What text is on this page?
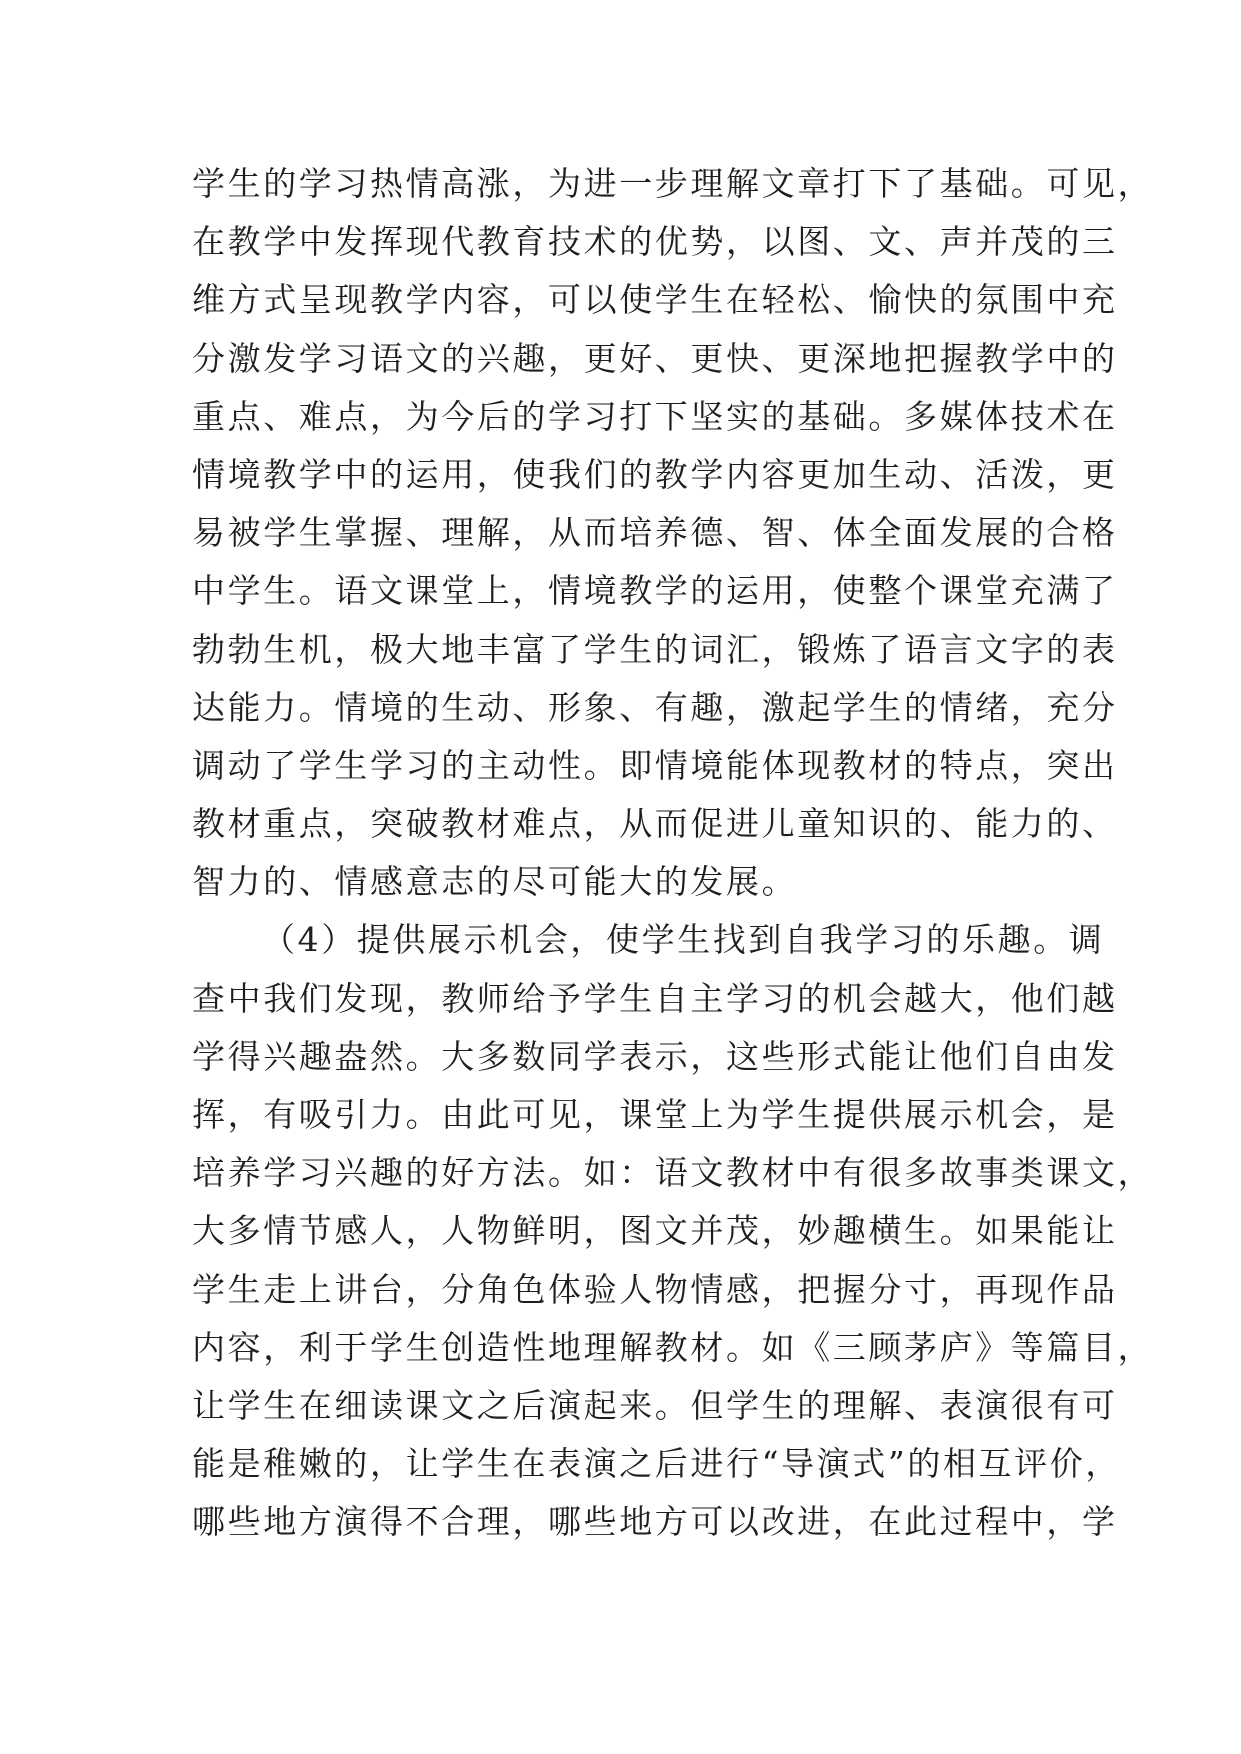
学生的学习热情高涨，为进一步理解文章打下了基础。可见，
在教学中发挥现代教育技术的优势，以图、文、声并茂的三
维方式呈现教学内容，可以使学生在轻松、愉快的氛围中充
分激发学习语文的兴趣，更好、更快、更深地把握教学中的
重点、难点，为今后的学习打下坚实的基础。多媒体技术在
情境教学中的运用，使我们的教学内容更加生动、活泼，更
易被学生掌握、理解，从而培养德、智、体全面发展的合格
中学生。语文课堂上，情境教学的运用，使整个课堂充满了
勃勃生机，极大地丰富了学生的词汇，锻炼了语言文字的表
达能力。情境的生动、形象、有趣，激起学生的情绪，充分
调动了学生学习的主动性。即情境能体现教材的特点，突出
教材重点，突破教材难点，从而促进儿童知识的、能力的、
智力的、情感意志的尽可能大的发展。
（4）提供展示机会，使学生找到自我学习的乐趣。调
查中我们发现，教师给予学生自主学习的机会越大，他们越
学得兴趣盎然。大多数同学表示，这些形式能让他们自由发
挥，有吸引力。由此可见，课堂上为学生提供展示机会，是
培养学习兴趣的好方法。如：语文教材中有很多故事类课文，
大多情节感人，人物鲜明，图文并茂，妙趣横生。如果能让
学生走上讲台，分角色体验人物情感，把握分寸，再现作品
内容，利于学生创造性地理解教材。如《三顾茅庐》等篇目，
让学生在细读课文之后演起来。但学生的理解、表演很有可
能是稚嫩的，让学生在表演之后进行“导演式”的相互评价，
哪些地方演得不合理，哪些地方可以改进，在此过程中，学
